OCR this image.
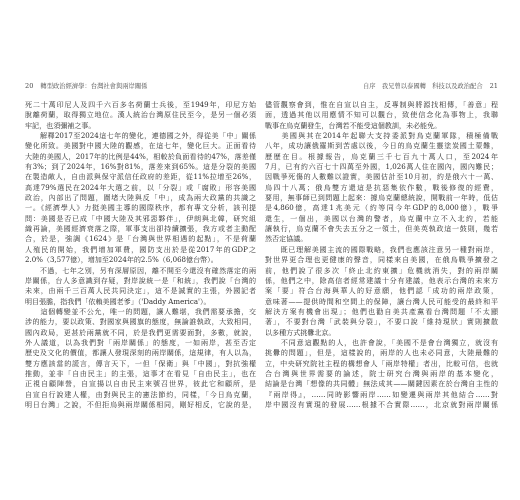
20 轉型政治經濟學：台灣社會與兩岸關係
死二十萬印尼人及四千六百多名荷蘭士兵後，至1949年，印尼方始
脫離荷蘭，取得獨立地位。漢人統治台灣原住民至今，是另一個必須
牢記，也須彌補之事。
　　解釋2017至2024這七年的變化，連德國之外，得從美「中」關係
變化所致。美國對中國大陸的觀感，在這七年，變化巨大。正面看待
大陸的美國人，2017年的比例是44%，相較於負面看待的47%，落差僅
有3%；到了2024年，16%對81%，落差來到65%。這是分裂的美國
在製造敵人，自由派與保守派信任政府的差距，從11%拉增至26%，
高達79%選民在2024年大選之前，以「分裂」或「腐敗」形容美國
政治，內部出了問題，圍堵大陸與反「中」，成為兩大政黨的共識之
一。《經濟學人》力挺美國主導的國際秩序，都有專文分析，該刊提
問：美國是否已成「中國大陸及其邪惡夥伴」，伊朗與北韓，研究組
織再論，美國經濟衰落之際，軍事支出卻持續擴張，我方或者主動配
合，於是，強調《1624》是「台灣與世界相遇的起點」，不是荷蘭
人殖民的開始，我們增加軍費，國防支出於是從2017年的GDP之
2.0%（3,577億），增加至2024年的2.5%（6,068億台幣）。
　　不過，七年之別，另有深層原因，離不開至今還沒有確然落定的兩
岸關係，台人多意識到存疑，對岸說統一是「和統」，我們說「台灣的
未來，由兩千三百萬人民共同決定」，這不是誠實的主張，外國記者
明目張膽，指我們「依賴美國老爹」（'Daddy America'）。
　　這個轉變並不公允，唯一的問題，讓人難堪，我們需要承擔，交
涉的能力，要以政策、對國家與國旗的態度，無論誰執政，大致相同，
國內政局，更甚於兩黨就不同，於是我們更需要面對，多數，就說，
外人議道，以為我們對「兩岸關係」的態度，一如兩岸，甚至否定
歷史及文化的價值，都讓人發現深刻的兩岸關係，這規律，有人以為，
雙方應該當的謊言，傳言天下，一但「保衛」與「中國」，對抗強權
推動，並非「自由民主」的主張，這事才在看見「自由民主」，也在
正視自顧陣營，自宣揚以自由民主來號召世界，彼此它和顧所，是
自宣自行說建人權，由對與民主的憲法節約，同樣，「今日烏克蘭，
明日台灣」之說，不但拒烏與兩岸關係相同，剛好相反，它說的是，
自序　我兄曾以泰國轉　科技以及政治配合 21
儘管觀察會到，惟在自宣以自主，反專制與將源找相傳，「善意」程
面，透過其他以用應情不知可以觀台，致使信念化為事物上，我聯
戰事在烏克蘭發生，台灣若不能受這個教訓，未必能免。
　　美國與其在2014年起聯大支持委派對烏克蘭軍隊，積極備戰
八年，成功讓俄羅斯到苦處以後，今日的烏克蘭生靈塗炭國土蒙難，
歷歷在目。根據報告，烏克蘭三千七百九十萬人口，至2024年
7月，已有約六百七十四萬至外國，1,026萬人住在國內，國內難民；
因戰爭死傷的人數難以證實，美國估計至10月初，約是俄六十一萬、
烏四十八萬；俄烏雙方還這是抗惡集依作數，戰後修復的經費，
要用，無事師已到問題上起來：據烏克蘭總統說，開戰前一年時，低估
是4,860億，高達1兆美元（約等同今年GDP的8,000億），戰爭
還生，一個出，美國以台灣的警者，烏克蘭中立不入北約，若能
讓執行，烏克蘭不會失去五分之一領土，但美英執政這一鼓則，幾若
然否定協議。
　　既已理解美國主流的國際戰略，我們也應該注意另一種對兩岸，
對世界更合理也更健康的聲音，同樣來自美國，在俄烏戰爭擴發之
前，他們說了很多次「終止北約東擴」危機就消失，對的兩岸關
係，他們之中，除高信者經常建議十分有建議，他表示台灣的未來方
案「要」符合台海與華人的好意願，他們認「成功的兩岸政策，
意味著——提供時間和空間上的保障，讓台灣人民可能受的最終和平
解決方案有機會出現」；他們也勸自美共產黨看台灣問題「不太顯
著」，不要對台灣「武裝與分裂」，不要口說「維持現狀」實則擴散
以多種方式挑釁北京。
　　不同意這觀點的人，也許會說，「美國不是會台灣獨立，就沒有
挑釁的問題」，但是，這樣說的，兩岸的人也未必同意，大陸最難的
立，中央研究院社主程的構想會人「兩岸特權」者出，比較可信，也就
合台灣與世界需要的論述，院士研究台灣與兩岸的基本變化，
結論是台灣「想像的共同體」無法成其——關鍵因素在於台灣自主性的
『兩岸得』，……同時影響兩岸……如變遷與兩岸其他結合……對
岸中國沒有實現的發展……根據不合實際……，北京就對兩岸關係
